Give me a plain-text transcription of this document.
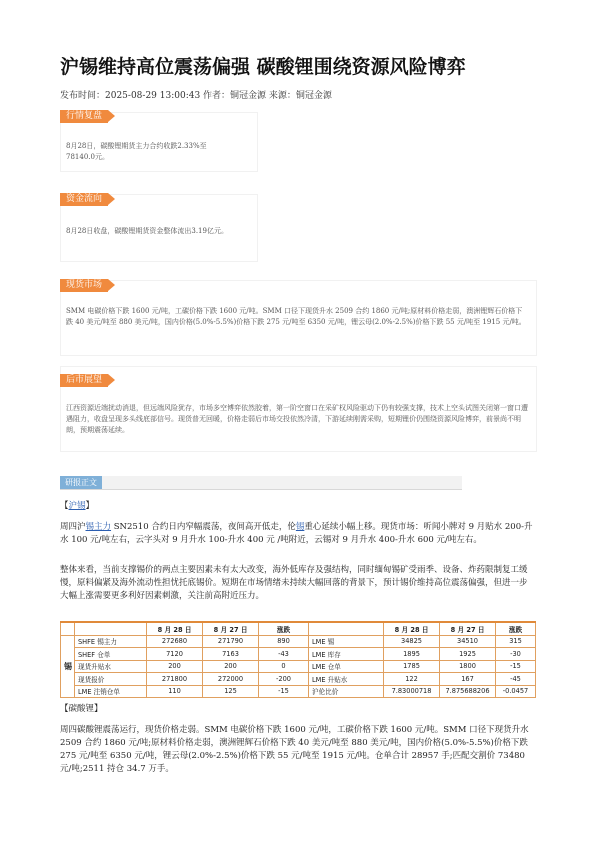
沪锡维持高位震荡偏强 碳酸锂围绕资源风险博弈
发布时间：2025-08-29 13:00:43 作者：铜冠金源 来源：铜冠金源
行情复盘
8月28日，碳酸锂期货主力合约收跌2.33%至78140.0元。
资金流向
8月28日收盘，碳酸锂期货资金整体流出3.19亿元。
现货市场
SMM 电碳价格下跌 1600 元/吨，工碳价格下跌 1600 元/吨。SMM 口径下现货升水 2509 合约 1860 元/吨;原材料价格走弱，澳洲锂辉石价格下跌 40 美元/吨至 880 美元/吨，国内价格(5.0%-5.5%)价格下跌 275 元/吨至 6350 元/吨，锂云母(2.0%-2.5%)价格下跌 55 元/吨至 1915 元/吨。
后市展望
江西资源近端扰动消退，但远端风险犹存，市场多空博弈依然胶着，第一阶空窗口在采矿权风险驱动下仍有较强支撑，技术上空头试图关闭第一窗口遭遇阻力，收盘呈现多头线底部信号。现货普无回暖，价格走弱后市场交投依然冷清，下游延续刚需采购，短期锂价仍围绕资源风险博弈，前景尚不明朗，预期震荡延续。
研报正文
【沪锡】
周四沪锡主力 SN2510 合约日内窄幅震荡，夜间高开低走，伦锡重心延续小幅上移。现货市场：听闻小牌对 9 月贴水 200-升水 100 元/吨左右，云字头对 9 月升水 100-升水 400 元 /吨附近，云锡对 9 月升水 400-升水 600 元/吨左右。
整体来看，当前支撑锡价的两点主要因素未有太大改变，海外低库存及强结构，同时缅甸锡矿受雨季、设备、炸药限制复工缓慢，原料偏紧及海外流动性担忧托底锡价。短期在市场情绪未持续大幅回落的背景下，预计锡价维持高位震荡偏强，但进一步大幅上涨需要更多利好因素刺激，关注前高附近压力。
		8 月 28 日	8 月 27 日	涨跌		8 月 28 日	8 月 27 日	涨跌
锡	SHFE 锡主力	272680	271790	890	LME 锡	34825	34510	315
	SHEF 仓单	7120	7163	-43	LME 库存	1895	1925	-30
	现货升贴水	200	200	0	LME 仓单	1785	1800	-15
	现货报价	271800	272000	-200	LME 升贴水	122	167	-45
	LME 注销仓单	110	125	-15	沪伦比价	7.83000718	7.875688206	-0.0457
【碳酸锂】
周四碳酸锂震荡运行，现货价格走弱。SMM 电碳价格下跌 1600 元/吨，工碳价格下跌 1600 元/吨。SMM 口径下现货升水 2509 合约 1860 元/吨;原材料价格走弱，澳洲锂辉石价格下跌 40 美元/吨至 880 美元/吨，国内价格(5.0%-5.5%)价格下跌 275 元/吨至 6350 元/吨，锂云母(2.0%-2.5%)价格下跌 55 元/吨至 1915 元/吨。仓单合计 28957 手;匹配交割价 73480 元/吨;2511 持仓 34.7 万手。
